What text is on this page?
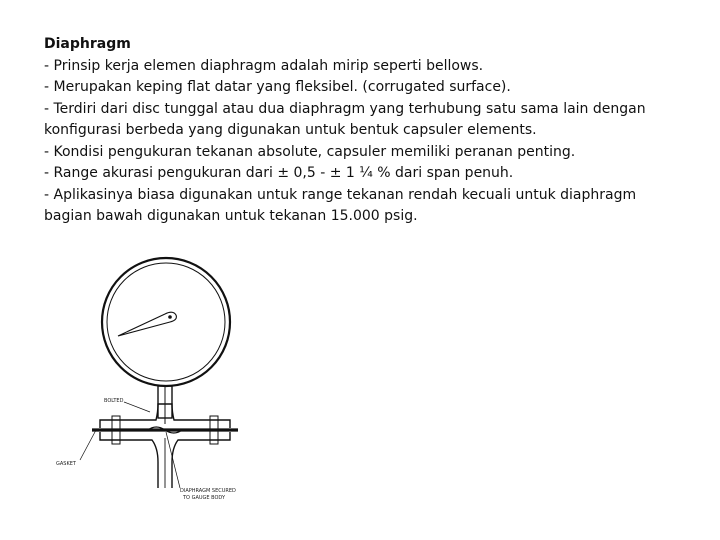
Diaphragm
- Prinsip kerja elemen diaphragm adalah mirip seperti bellows.
- Merupakan keping flat datar yang fleksibel. (corrugated surface).
- Terdiri dari disc tunggal atau dua diaphragm yang terhubung satu sama lain dengan konfigurasi berbeda yang digunakan untuk bentuk capsuler elements.
- Kondisi pengukuran tekanan absolute, capsuler memiliki peranan penting.
- Range akurasi pengukuran dari ± 0,5 - ± 1 ¼ % dari span penuh.
- Aplikasinya biasa digunakan untuk range tekanan rendah kecuali untuk diaphragm bagian bawah digunakan untuk tekanan 15.000 psig.
BOLTED
GASKET
DIAPHRAGM SECURED
TO GAUGE BODY
